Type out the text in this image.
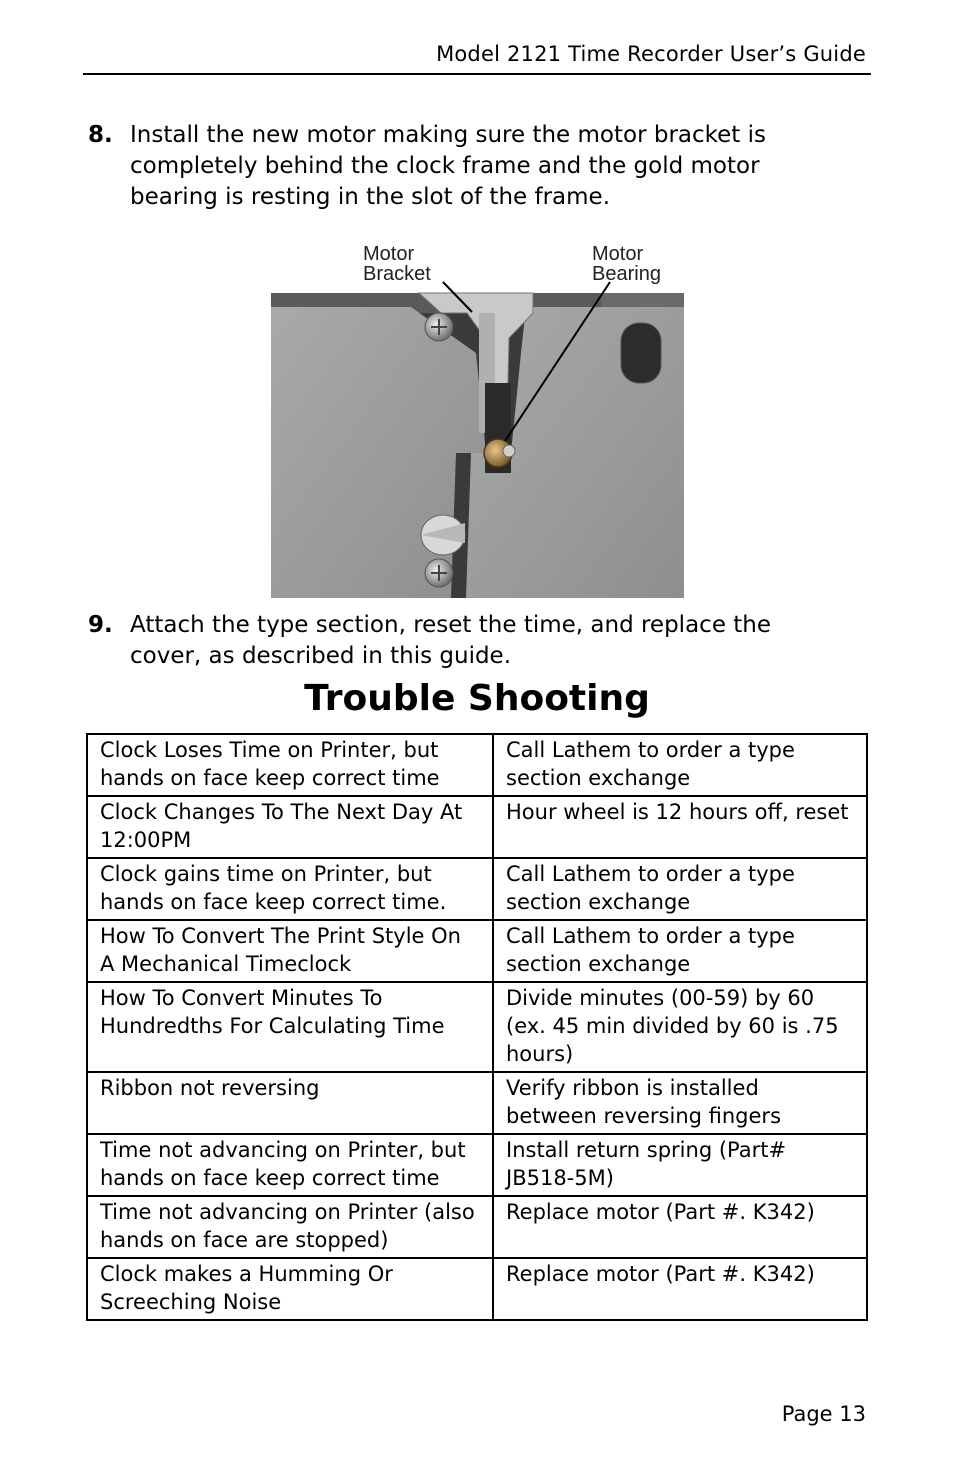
Model 2121 Time Recorder User’s Guide
8. Install the new motor making sure the motor bracket is completely behind the clock frame and the gold motor bearing is resting in the slot of the frame.
Motor
Bracket
Motor
Bearing
9. Attach the type section, reset the time, and replace the cover, as described in this guide.
Trouble Shooting
Clock Loses Time on Printer, but hands on face keep correct time	Call Lathem to order a type section exchange
Clock Changes To The Next Day At 12:00PM	Hour wheel is 12 hours off, reset
Clock gains time on Printer, but hands on face keep correct time.	Call Lathem to order a type section exchange
How To Convert The Print Style On A Mechanical Timeclock	Call Lathem to order a type section exchange
How To Convert Minutes To Hundredths For Calculating Time	Divide minutes (00-59) by 60 (ex. 45 min divided by 60 is .75 hours)
Ribbon not reversing	Verify ribbon is installed between reversing fingers
Time not advancing on Printer, but hands on face keep correct time	Install return spring (Part# JB518-5M)
Time not advancing on Printer (also hands on face are stopped)	Replace motor (Part #. K342)
Clock makes a Humming Or Screeching Noise	Replace motor (Part #. K342)
Page 13
